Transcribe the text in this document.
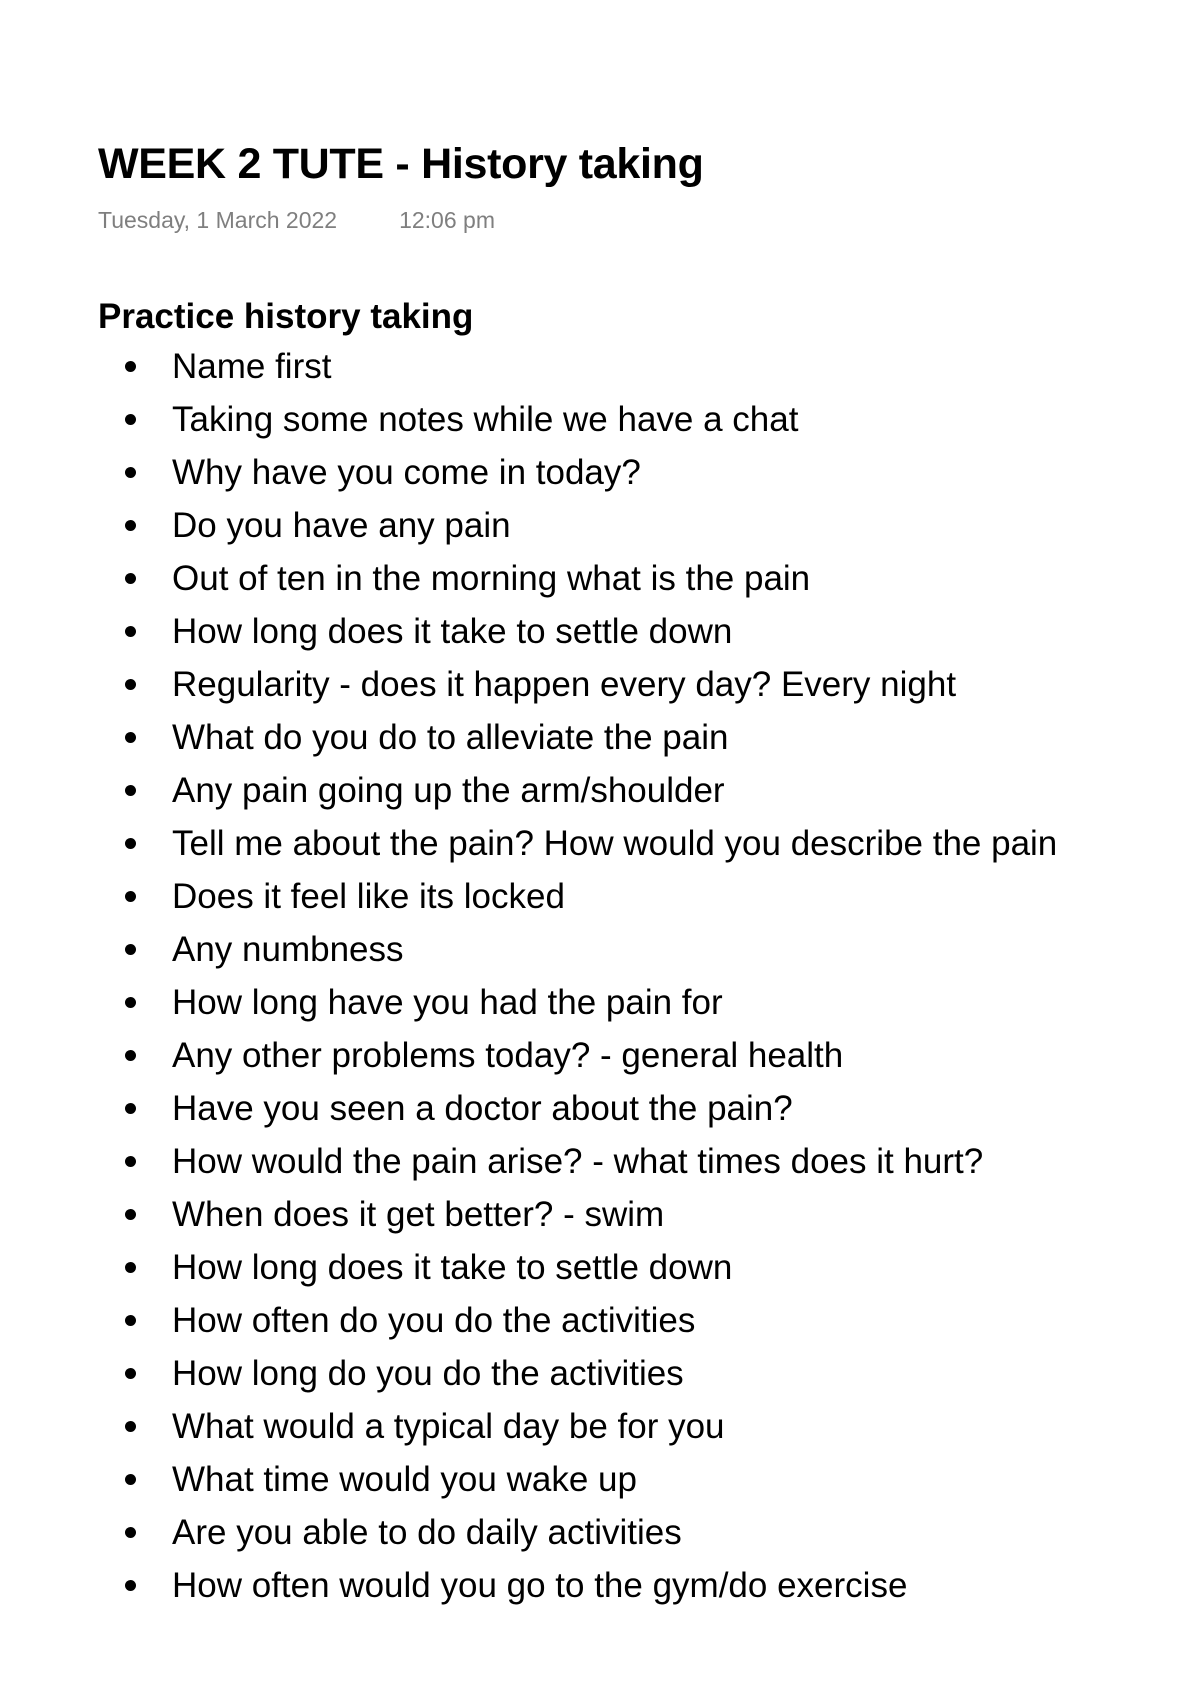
WEEK 2 TUTE - History taking
Tuesday, 1 March 2022	12:06 pm
Practice history taking
Name first
Taking some notes while we have a chat
Why have you come in today?
Do you have any pain
Out of ten in the morning what is the pain
How long does it take to settle down
Regularity - does it happen every day? Every night
What do you do to alleviate the pain
Any pain going up the arm/shoulder
Tell me about the pain? How would you describe the pain
Does it feel like its locked
Any numbness
How long have you had the pain for
Any other problems today? - general health
Have you seen a doctor about the pain?
How would the pain arise? - what times does it hurt?
When does it get better? - swim
How long does it take to settle down
How often do you do the activities
How long do you do the activities
What would a typical day be for you
What time would you wake up
Are you able to do daily activities
How often would you go to the gym/do exercise
